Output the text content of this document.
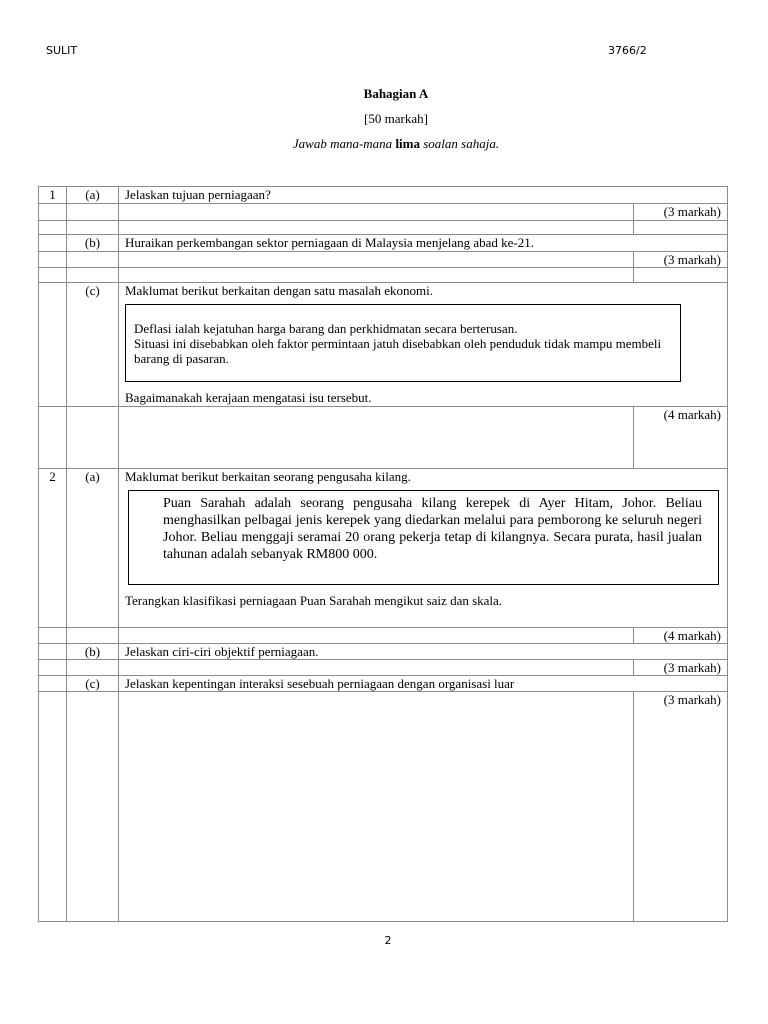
SULIT	3766/2
Bahagian A
[50 markah]
Jawab mana-mana lima soalan sahaja.
1	(a)	Jelaskan tujuan perniagaan?	
			(3 markah)

	(b)	Huraikan perkembangan sektor perniagaan di Malaysia menjelang abad ke-21.	
			(3 markah)

	(c)	Maklumat berikut berkaitan dengan satu masalah ekonomi.
Deflasi ialah kejatuhan harga barang dan perkhidmatan secara berterusan.
Situasi ini disebabkan oleh faktor permintaan jatuh disebabkan oleh penduduk tidak mampu membeli barang di pasaran.
Bagaimanakah kerajaan mengatasi isu tersebut.	

			(4 markah)
2	(a)	Maklumat berikut berkaitan seorang pengusaha kilang.
Puan Sarahah adalah seorang pengusaha kilang kerepek di Ayer Hitam, Johor. Beliau menghasilkan pelbagai jenis kerepek yang diedarkan melalui para pemborong ke seluruh negeri Johor. Beliau menggaji seramai 20 orang pekerja tetap di kilangnya. Secara purata, hasil jualan tahunan adalah sebanyak RM800 000.
Terangkan klasifikasi perniagaan Puan Sarahah mengikut saiz dan skala.	

			(4 markah)
	(b)	Jelaskan ciri-ciri objektif perniagaan.	
			(3 markah)
	(c)	Jelaskan kepentingan interaksi sesebuah perniagaan dengan organisasi luar	
			(3 markah)
2
